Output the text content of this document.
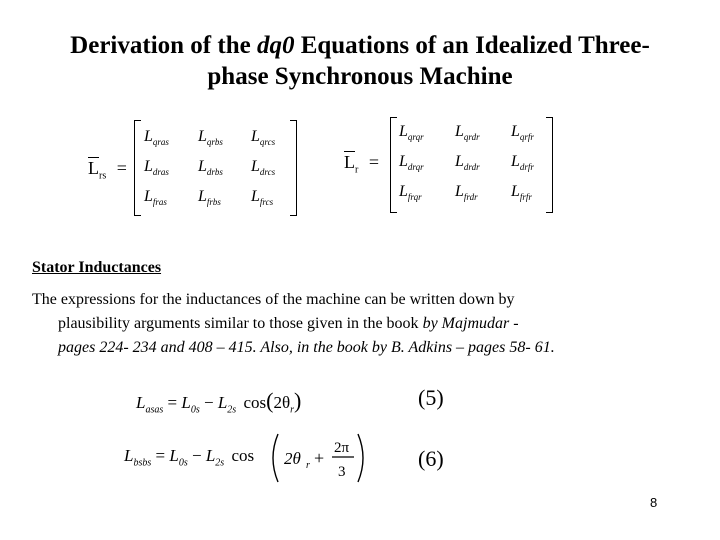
Derivation of the dq0 Equations of an Idealized Three-
phase Synchronous Machine
$\overline{L}_{rs}$ =
$L_{qras}$ $L_{qrbs}$ $L_{qrcs}$
$L_{dras}$ $L_{drbs}$ $L_{drcs}$
$L_{fras}$ $L_{frbs}$ $L_{frcs}$
$\overline{L}_r$ =
$L_{qrqr}$ $L_{qrdr}$ $L_{qrfr}$
$L_{drqr}$ $L_{drdr}$ $L_{drfr}$
$L_{frqr}$ $L_{frdr}$ $L_{frfr}$
Stator Inductances
The expressions for the inductances of the machine can be written down by
plausibility arguments similar to those given in the book by Majmudar -
pages 224- 234 and 408 – 415. Also, in the book by B. Adkins – pages 58- 61.
$L_{asas} = L_{0s} - L_{2s}$ $\cos(2\theta_r)$	(5)
$L_{bsbs} = L_{0s} - L_{2s}$ cos 2θ r + 2π
3
(6)
8
